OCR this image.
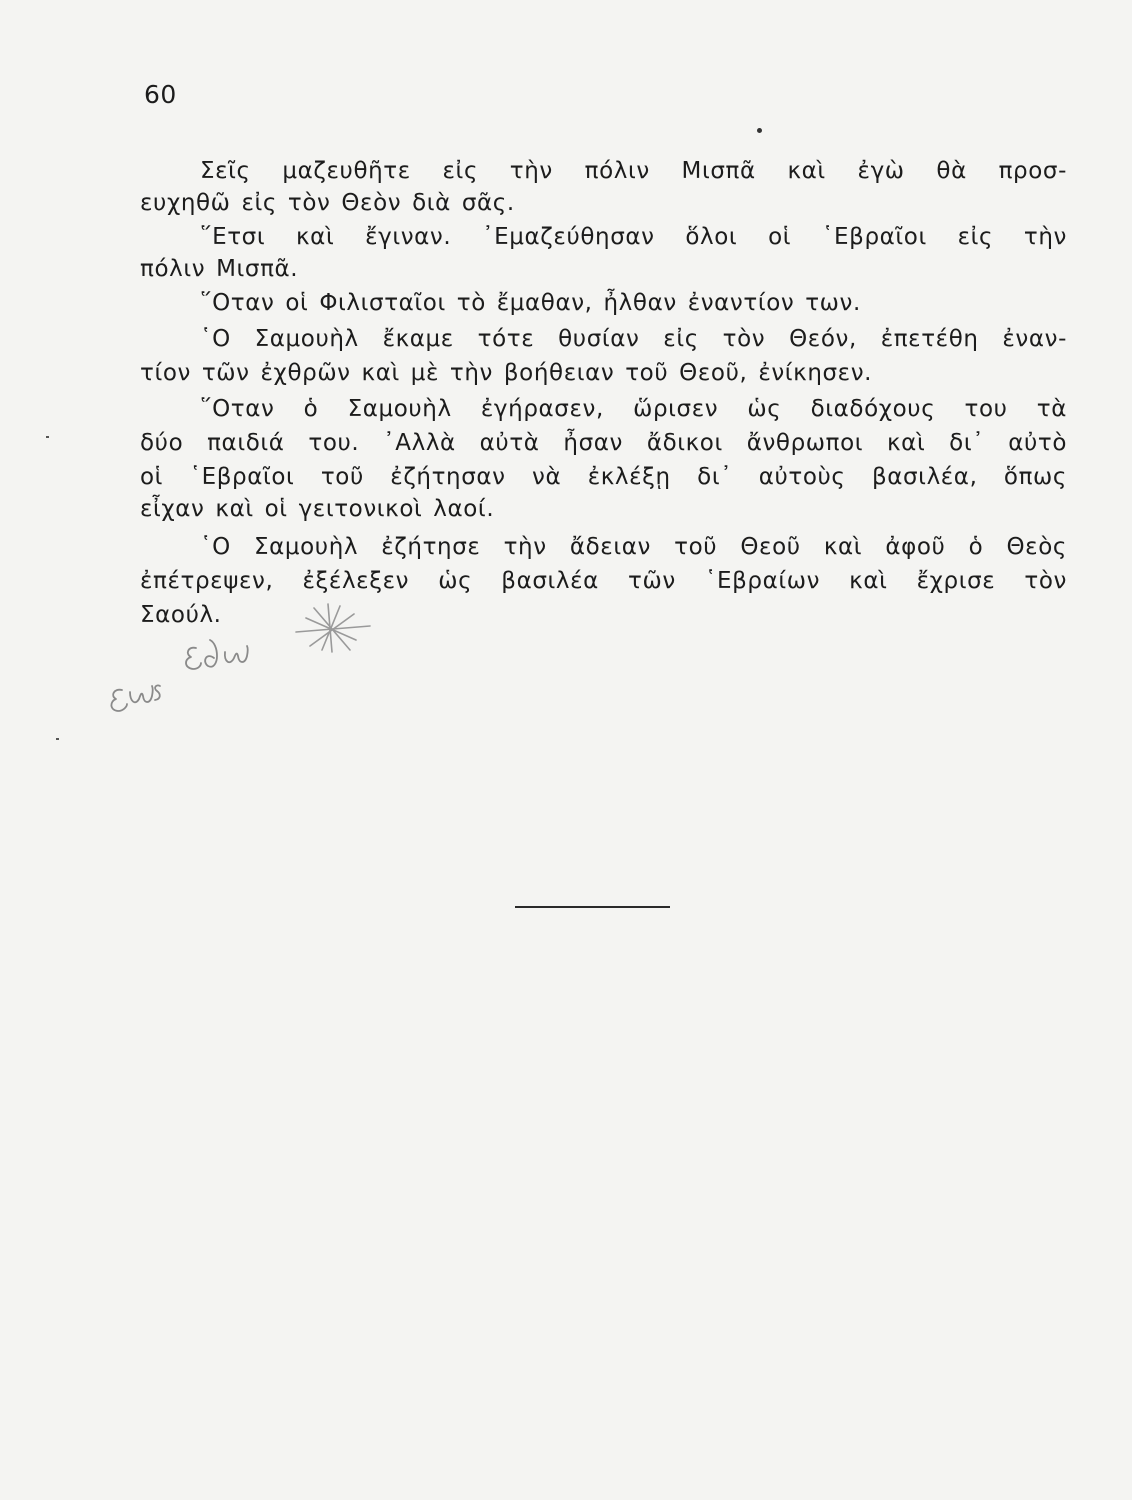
60
Σεῖς μαζευθῆτε εἰς τὴν πόλιν Μισπᾶ καὶ ἐγὼ θὰ προσ-
ευχηθῶ εἰς τὸν Θεὸν διὰ σᾶς.
῞Ετσι καὶ ἔγιναν. ᾿Εμαζεύθησαν ὅλοι οἱ ῾Εβραῖοι εἰς τὴν
πόλιν Μισπᾶ.
῞Οταν οἱ Φιλισταῖοι τὸ ἔμαθαν, ἦλθαν ἐναντίον των.
῾Ο Σαμουὴλ ἔκαμε τότε θυσίαν εἰς τὸν Θεόν, ἐπετέθη ἐναν-
τίον τῶν ἐχθρῶν καὶ μὲ τὴν βοήθειαν τοῦ Θεοῦ, ἐνίκησεν.
῞Οταν ὁ Σαμουὴλ ἐγήρασεν, ὥρισεν ὡς διαδόχους του τὰ
δύο παιδιά του. ᾿Αλλὰ αὐτὰ ἦσαν ἄδικοι ἄνθρωποι καὶ δι᾿ αὐτὸ
οἱ ῾Εβραῖοι τοῦ ἐζήτησαν νὰ ἐκλέξῃ δι᾿ αὐτοὺς βασιλέα, ὅπως
εἶχαν καὶ οἱ γειτονικοὶ λαοί.
῾Ο Σαμουὴλ ἐζήτησε τὴν ἄδειαν τοῦ Θεοῦ καὶ ἀφοῦ ὁ Θεὸς
ἐπέτρεψεν, ἐξέλεξεν ὡς βασιλέα τῶν ῾Εβραίων καὶ ἔχρισε τὸν
Σαούλ.
